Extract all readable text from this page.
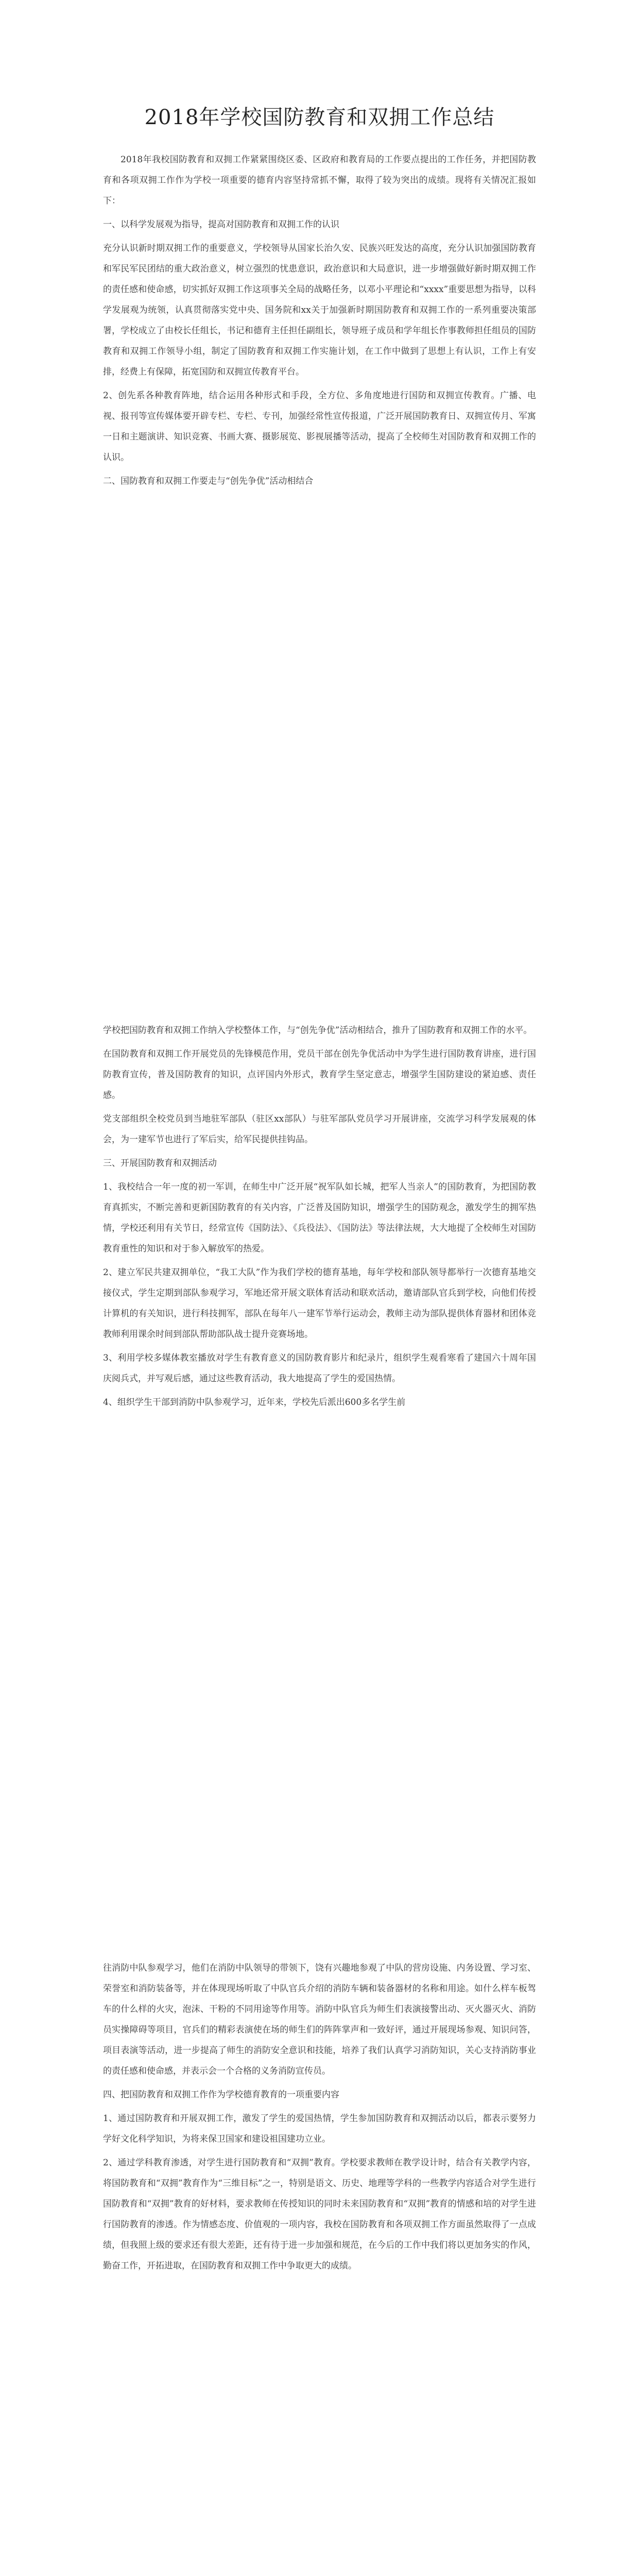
2018年学校国防教育和双拥工作总结

2018年我校国防教育和双拥工作紧紧围绕区委、区政府和教育局的工作要点提出的工作任务，并把国防教育和各项双拥工作作为学校一项重要的德育内容坚持常抓不懈，取得了较为突出的成绩。现将有关情况汇报如下：

一、以科学发展观为指导，提高对国防教育和双拥工作的认识

充分认识新时期双拥工作的重要意义，学校领导从国家长治久安、民族兴旺发达的高度，充分认识加强国防教育和军民军民团结的重大政治意义，树立强烈的忧患意识，政治意识和大局意识，进一步增强做好新时期双拥工作的责任感和使命感，切实抓好双拥工作这项事关全局的战略任务，以邓小平理论和“xxxx”重要思想为指导，以科学发展观为统领，认真贯彻落实党中央、国务院和xx关于加强新时期国防教育和双拥工作的一系列重要决策部署，学校成立了由校长任组长，书记和德育主任担任副组长，领导班子成员和学年组长作事教师担任组员的国防教育和双拥工作领导小组，制定了国防教育和双拥工作实施计划，在工作中做到了思想上有认识，工作上有安排，经费上有保障，拓宽国防和双拥宣传教育平台。

2、创先系各种教育阵地，结合运用各种形式和手段，全方位、多角度地进行国防和双拥宣传教育。广播、电视、报刊等宣传媒体要开辟专栏、专栏、专刊，加强经常性宣传报道，广泛开展国防教育日、双拥宣传月、军寓一日和主题演讲、知识竞赛、书画大赛、摄影展览、影视展播等活动，提高了全校师生对国防教育和双拥工作的认识。

二、国防教育和双拥工作要走与“创先争优”活动相结合

学校把国防教育和双拥工作纳入学校整体工作，与“创先争优”活动相结合，推升了国防教育和双拥工作的水平。

在国防教育和双拥工作开展党员的先锋模范作用，党员干部在创先争优活动中为学生进行国防教育讲座，进行国防教育宣传，普及国防教育的知识，点评国内外形式，教育学生坚定意志，增强学生国防建设的紧迫感、责任感。

党支部组织全校党员到当地驻军部队（驻区xx部队）与驻军部队党员学习开展讲座，交流学习科学发展观的体会，为一建军节也进行了军后实，给军民提供挂钩品。

三、开展国防教育和双拥活动

1、我校结合一年一度的初一军训，在师生中广泛开展“祝军队如长城，把军人当亲人”的国防教育，为把国防教育真抓实，不断完善和更新国防教育的有关内容，广泛普及国防知识，增强学生的国防观念，激发学生的拥军热情，学校还利用有关节日，经常宣传《国防法》、《兵役法》、《国防法》等法律法规，大大地提了全校师生对国防教育重性的知识和对于参入解放军的热爱。

2、建立军民共建双拥单位，“我工大队”作为我们学校的德育基地，每年学校和部队领导都举行一次德育基地交接仪式，学生定期到部队参观学习，军地还常开展文联体育活动和联欢活动，邀请部队官兵到学校，向他们传授计算机的有关知识，进行科技拥军，部队在每年八一建军节举行运动会，教师主动为部队提供体育器材和团体竞教师利用课余时间到部队帮助部队战士提升竞赛场地。

3、利用学校多媒体教室播放对学生有教育意义的国防教育影片和纪录片，组织学生观看寒看了建国六十周年国庆阅兵式，并写观后感，通过这些教育活动，我大地提高了学生的爱国热情。

4、组织学生干部到消防中队参观学习，近年来，学校先后派出600多名学生前

往消防中队参观学习，他们在消防中队领导的带领下，饶有兴趣地参观了中队的营房设施、内务设置、学习室、荣誉室和消防装备等，并在体现现场听取了中队官兵介绍的消防车辆和装备器材的名称和用途。如什么样车板驾车的什么样的火灾，泡沫、干粉的不同用途等作用等。消防中队官兵为师生们表演接警出动、灭火器灭火、消防员实操障碍等项目，官兵们的精彩表演使在场的师生们的阵阵掌声和一致好评，通过开展现场参观、知识问答，项目表演等活动，进一步提高了师生的消防安全意识和技能，培养了我们认真学习消防知识，关心支持消防事业的责任感和使命感，并表示会一个合格的义务消防宣传员。

四、把国防教育和双拥工作作为学校德育教育的一项重要内容

1、通过国防教育和开展双拥工作，激发了学生的爱国热情，学生参加国防教育和双拥活动以后，都表示要努力学好文化科学知识，为将来保卫国家和建设祖国建功立业。

2、通过学科教育渗透，对学生进行国防教育和“双拥”教育。学校要求教师在教学设计时，结合有关教学内容，将国防教育和“双拥”教育作为“三维目标”之一，特别是语文、历史、地理等学科的一些教学内容适合对学生进行国防教育和“双拥”教育的好材料，要求教师在传授知识的同时未来国防教育和“双拥”教育的情感和培的对学生进行国防教育的渗透。作为情感态度、价值观的一项内容，我校在国防教育和各项双拥工作方面虽然取得了一点成绩，但我照上级的要求还有很大差距，还有待于进一步加强和规范，在今后的工作中我们将以更加务实的作风，勤奋工作，开拓进取，在国防教育和双拥工作中争取更大的成绩。
